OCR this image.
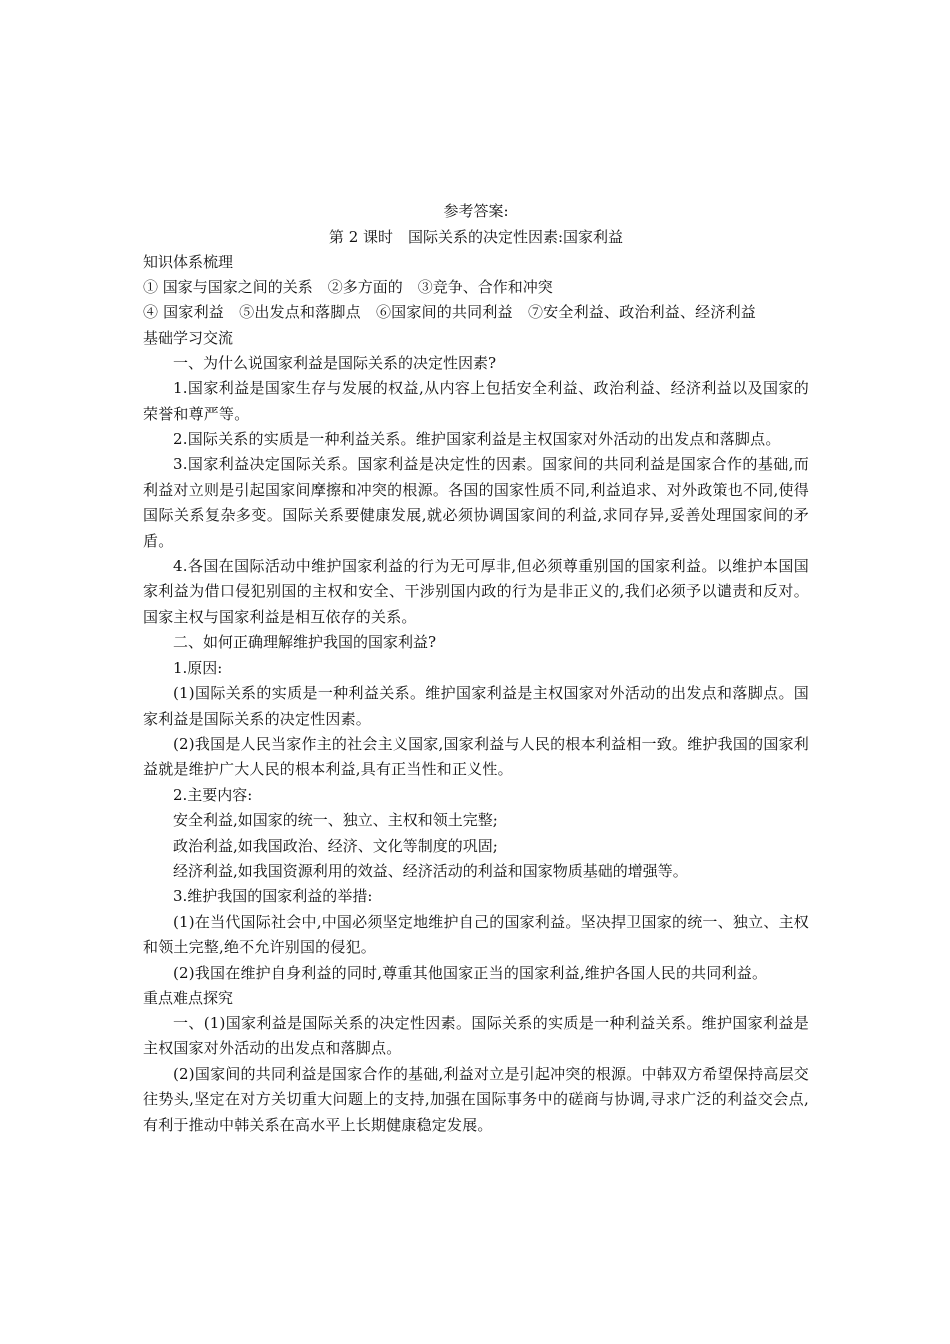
参考答案:
第 2 课时　国际关系的决定性因素:国家利益
知识体系梳理

① 国家与国家之间的关系　②多方面的　③竞争、合作和冲突

④ 国家利益　⑤出发点和落脚点　⑥国家间的共同利益　⑦安全利益、政治利益、经济利益

基础学习交流

一、为什么说国家利益是国际关系的决定性因素?

1.国家利益是国家生存与发展的权益,从内容上包括安全利益、政治利益、经济利益以及国家的荣誉和尊严等。

2.国际关系的实质是一种利益关系。维护国家利益是主权国家对外活动的出发点和落脚点。

3.国家利益决定国际关系。国家利益是决定性的因素。国家间的共同利益是国家合作的基础,而利益对立则是引起国家间摩擦和冲突的根源。各国的国家性质不同,利益追求、对外政策也不同,使得国际关系复杂多变。国际关系要健康发展,就必须协调国家间的利益,求同存异,妥善处理国家间的矛盾。

4.各国在国际活动中维护国家利益的行为无可厚非,但必须尊重别国的国家利益。以维护本国国家利益为借口侵犯别国的主权和安全、干涉别国内政的行为是非正义的,我们必须予以谴责和反对。国家主权与国家利益是相互依存的关系。

二、如何正确理解维护我国的国家利益?

1.原因:

(1)国际关系的实质是一种利益关系。维护国家利益是主权国家对外活动的出发点和落脚点。国家利益是国际关系的决定性因素。

(2)我国是人民当家作主的社会主义国家,国家利益与人民的根本利益相一致。维护我国的国家利益就是维护广大人民的根本利益,具有正当性和正义性。

2.主要内容:

安全利益,如国家的统一、独立、主权和领土完整;

政治利益,如我国政治、经济、文化等制度的巩固;

经济利益,如我国资源利用的效益、经济活动的利益和国家物质基础的增强等。

3.维护我国的国家利益的举措:

(1)在当代国际社会中,中国必须坚定地维护自己的国家利益。坚决捍卫国家的统一、独立、主权和领土完整,绝不允许别国的侵犯。

(2)我国在维护自身利益的同时,尊重其他国家正当的国家利益,维护各国人民的共同利益。

重点难点探究

一、(1)国家利益是国际关系的决定性因素。国际关系的实质是一种利益关系。维护国家利益是主权国家对外活动的出发点和落脚点。

(2)国家间的共同利益是国家合作的基础,利益对立是引起冲突的根源。中韩双方希望保持高层交往势头,坚定在对方关切重大问题上的支持,加强在国际事务中的磋商与协调,寻求广泛的利益交会点,有利于推动中韩关系在高水平上长期健康稳定发展。
